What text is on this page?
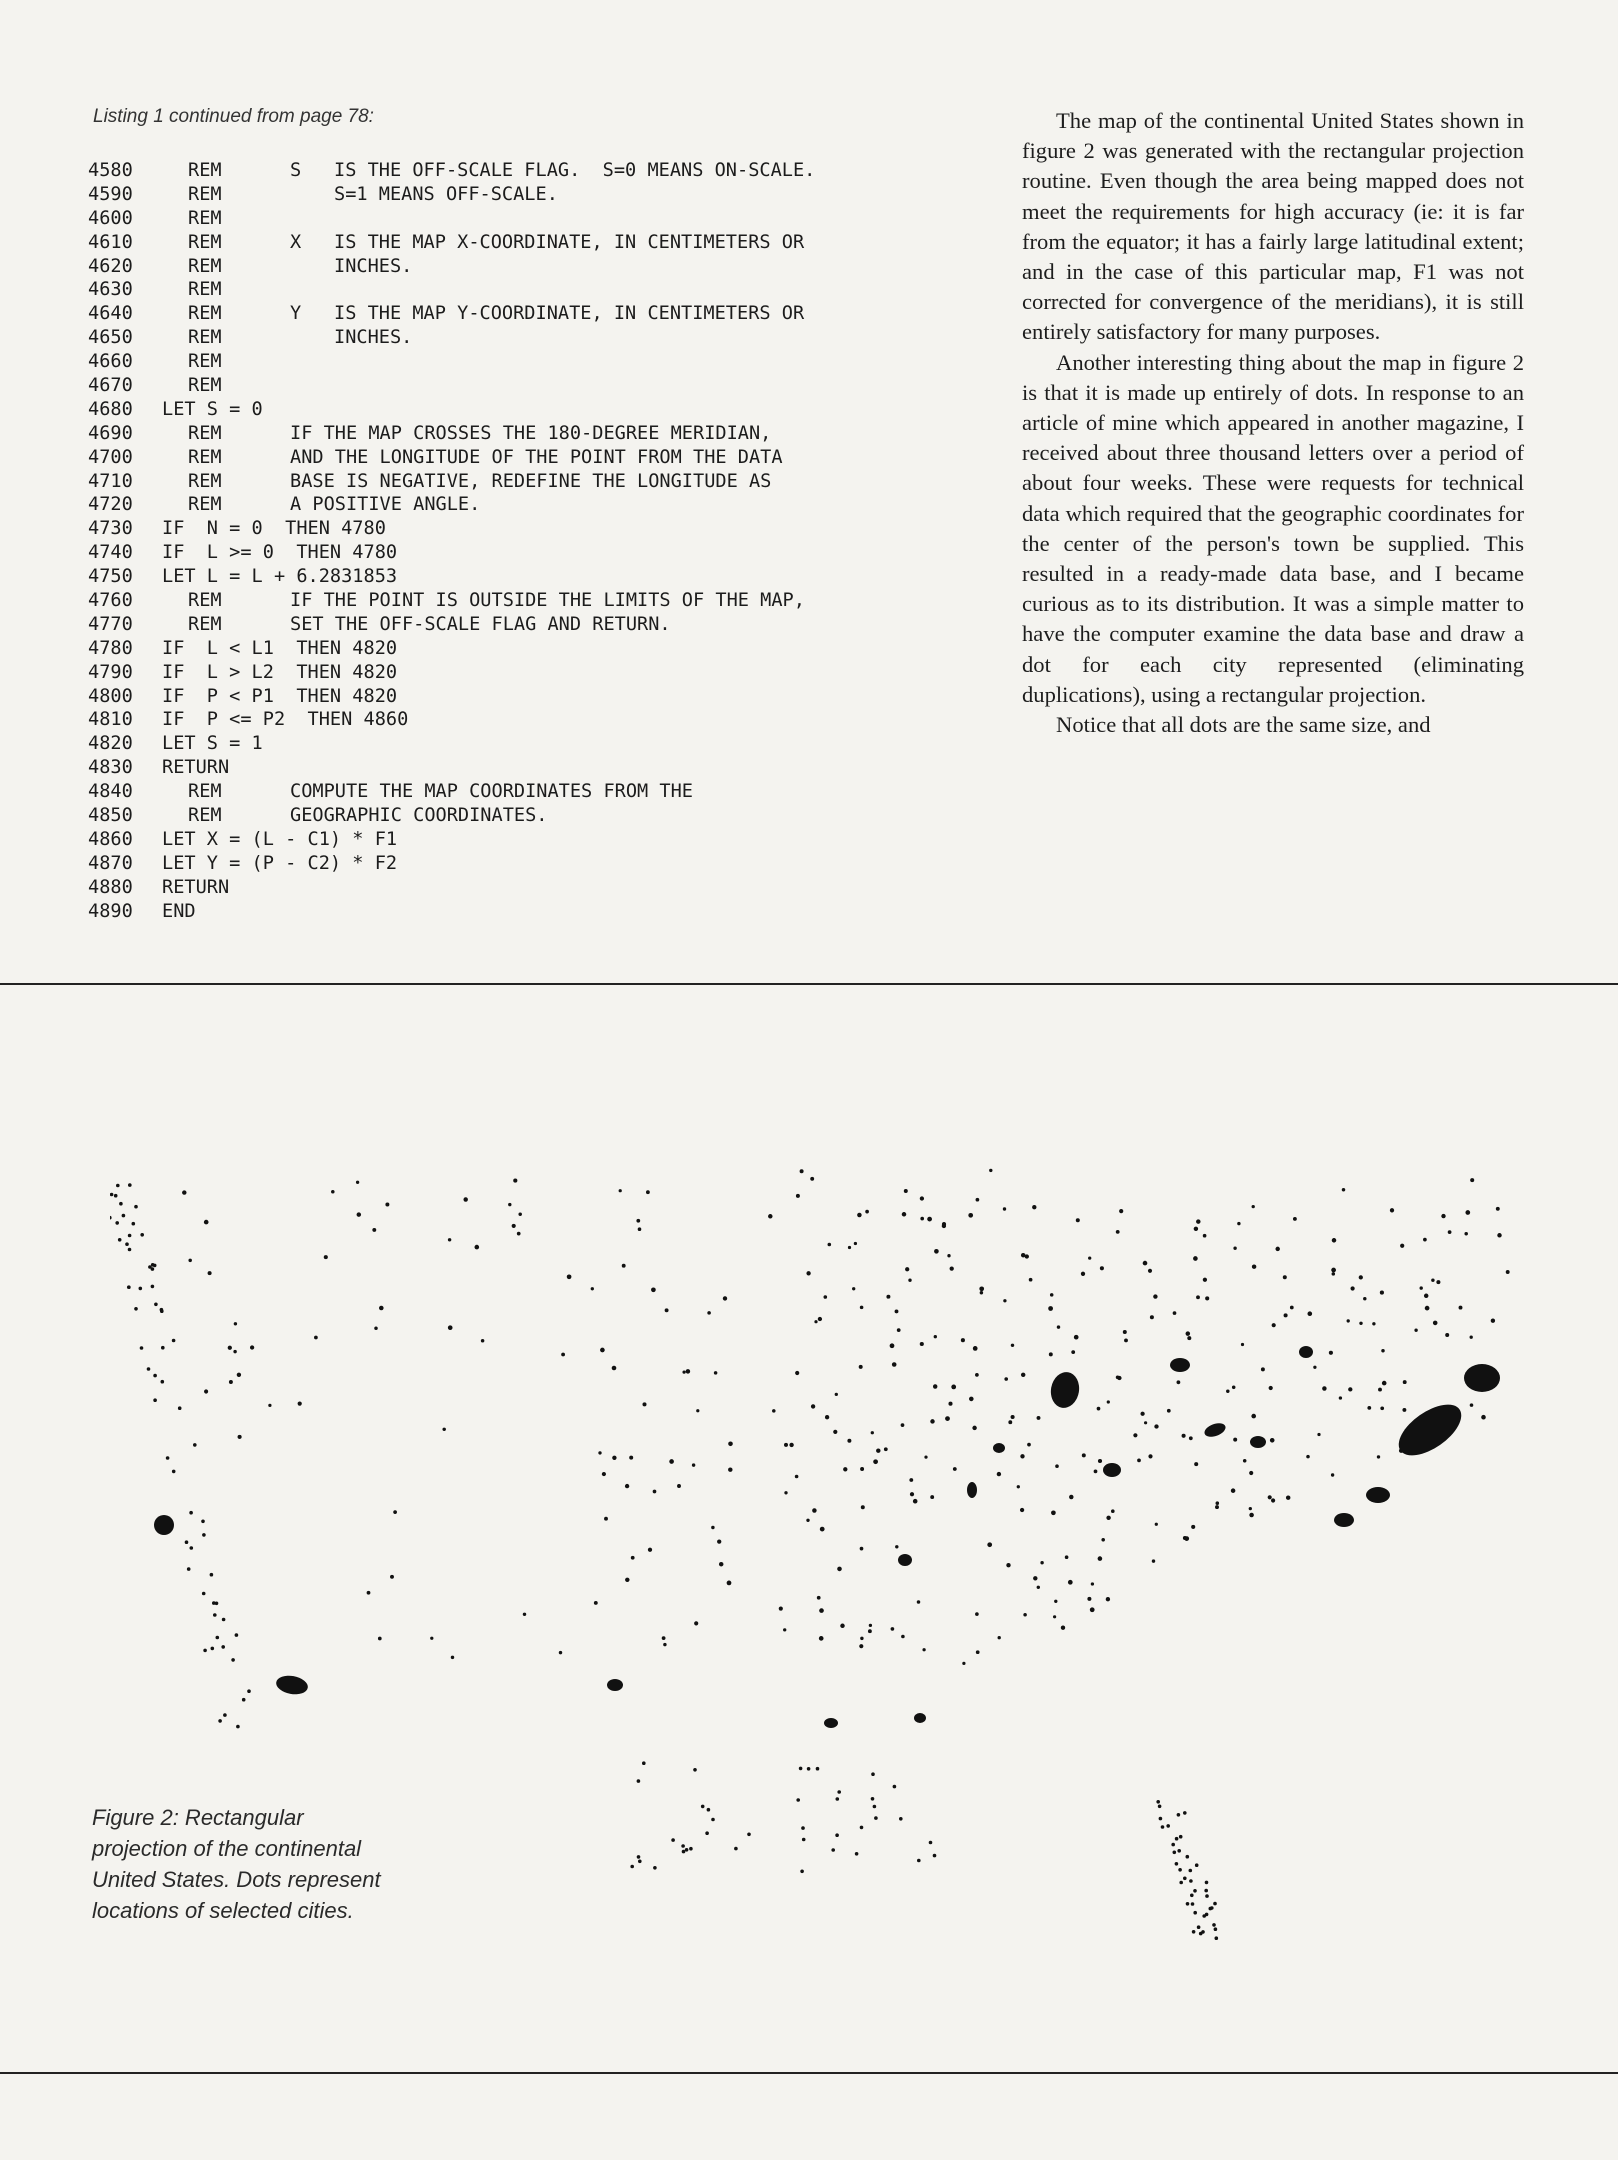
Listing 1 continued from page 78:
4580	REM	S IS THE OFF-SCALE FLAG.  S=0 MEANS ON-SCALE.
4590	REM	S=1 MEANS OFF-SCALE.
4600	REM
4610	REM	X IS THE MAP X-COORDINATE, IN CENTIMETERS OR
4620	REM	INCHES.
4630	REM
4640	REM	Y IS THE MAP Y-COORDINATE, IN CENTIMETERS OR
4650	REM	INCHES.
4660	REM
4670	REM
4680 LET S = 0
4690	REM	IF THE MAP CROSSES THE 180-DEGREE MERIDIAN,
4700	REM	AND THE LONGITUDE OF THE POINT FROM THE DATA
4710	REM	BASE IS NEGATIVE, REDEFINE THE LONGITUDE AS
4720	REM	A POSITIVE ANGLE.
4730 IF  N = 0  THEN 4780
4740 IF  L >= 0  THEN 4780
4750 LET L = L + 6.2831853
4760	REM	IF THE POINT IS OUTSIDE THE LIMITS OF THE MAP,
4770	REM	SET THE OFF-SCALE FLAG AND RETURN.
4780 IF  L < L1  THEN 4820
4790 IF  L > L2  THEN 4820
4800 IF  P < P1  THEN 4820
4810 IF  P <= P2  THEN 4860
4820 LET S = 1
4830 RETURN
4840	REM	COMPUTE THE MAP COORDINATES FROM THE
4850	REM	GEOGRAPHIC COORDINATES.
4860 LET X = (L - C1) * F1
4870 LET Y = (P - C2) * F2
4880 RETURN
4890 END

The map of the continental United States shown in figure 2 was generated with the rectangular projection routine. Even though the area being mapped does not meet the requirements for high accuracy (ie: it is far from the equator; it has a fairly large latitudinal extent; and in the case of this particular map, F1 was not corrected for convergence of the meridians), it is still entirely satisfactory for many purposes.

Another interesting thing about the map in figure 2 is that it is made up entirely of dots. In response to an article of mine which appeared in another magazine, I received about three thousand letters over a period of about four weeks. These were requests for technical data which required that the geographic coordinates for the center of the person's town be supplied. This resulted in a ready-made data base, and I became curious as to its distribution. It was a simple matter to have the computer examine the data base and draw a dot for each city represented (eliminating duplications), using a rectangular projection.

Notice that all dots are the same size, and

Figure 2: Rectangular projection of the continental United States. Dots represent locations of selected cities.
